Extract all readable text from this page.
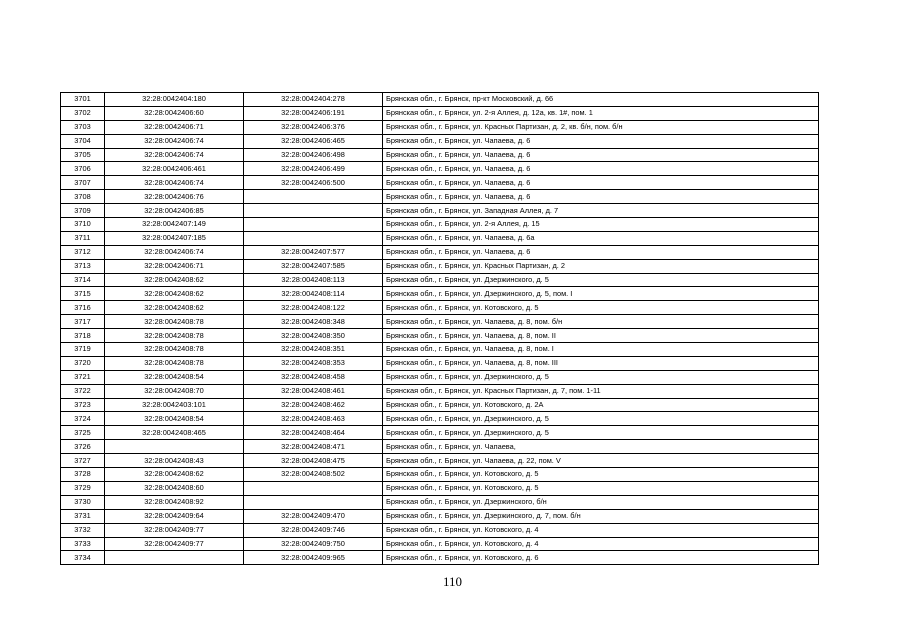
3701	32:28:0042404:180	32:28:0042404:278	Брянская обл., г. Брянск, пр-кт Московский, д. 66
3702	32:28:0042406:60	32:28:0042406:191	Брянская обл., г. Брянск, ул. 2-я Аллея, д. 12а, кв. 1#, пом. 1
3703	32:28:0042406:71	32:28:0042406:376	Брянская обл., г. Брянск, ул. Красных Партизан, д. 2, кв. б/н, пом. б/н
3704	32:28:0042406:74	32:28:0042406:465	Брянская обл., г. Брянск, ул. Чапаева, д. 6
3705	32:28:0042406:74	32:28:0042406:498	Брянская обл., г. Брянск, ул. Чапаева, д. 6
3706	32:28:0042406:461	32:28:0042406:499	Брянская обл., г. Брянск, ул. Чапаева, д. 6
3707	32:28:0042406:74	32:28:0042406:500	Брянская обл., г. Брянск, ул. Чапаева, д. 6
3708	32:28:0042406:76		Брянская обл., г. Брянск, ул. Чапаева, д. 6
3709	32:28:0042406:85		Брянская обл., г. Брянск, ул. Западная Аллея, д. 7
3710	32:28:0042407:149		Брянская обл., г. Брянск, ул. 2-я Аллея, д. 15
3711	32:28:0042407:185		Брянская обл., г. Брянск, ул. Чапаева, д. 6а
3712	32:28:0042406:74	32:28:0042407:577	Брянская обл., г. Брянск, ул. Чапаева, д. 6
3713	32:28:0042406:71	32:28:0042407:585	Брянская обл., г. Брянск, ул. Красных Партизан, д. 2
3714	32:28:0042408:62	32:28:0042408:113	Брянская обл., г. Брянск, ул. Дзержинского, д. 5
3715	32:28:0042408:62	32:28:0042408:114	Брянская обл., г. Брянск, ул. Дзержинского, д. 5, пом. I
3716	32:28:0042408:62	32:28:0042408:122	Брянская обл., г. Брянск, ул. Котовского, д. 5
3717	32:28:0042408:78	32:28:0042408:348	Брянская обл., г. Брянск, ул. Чапаева, д. 8, пом. б/н
3718	32:28:0042408:78	32:28:0042408:350	Брянская обл., г. Брянск, ул. Чапаева, д. 8, пом. II
3719	32:28:0042408:78	32:28:0042408:351	Брянская обл., г. Брянск, ул. Чапаева, д. 8, пом. I
3720	32:28:0042408:78	32:28:0042408:353	Брянская обл., г. Брянск, ул. Чапаева, д. 8, пом. III
3721	32:28:0042408:54	32:28:0042408:458	Брянская обл., г. Брянск, ул. Дзержинского, д. 5
3722	32:28:0042408:70	32:28:0042408:461	Брянская обл., г. Брянск, ул. Красных Партизан, д. 7, пом. 1-11
3723	32:28:0042403:101	32:28:0042408:462	Брянская обл., г. Брянск, ул. Котовского, д. 2А
3724	32:28:0042408:54	32:28:0042408:463	Брянская обл., г. Брянск, ул. Дзержинского, д. 5
3725	32:28:0042408:465	32:28:0042408:464	Брянская обл., г. Брянск, ул. Дзержинского, д. 5
3726		32:28:0042408:471	Брянская обл., г. Брянск, ул. Чапаева,
3727	32:28:0042408:43	32:28:0042408:475	Брянская обл., г. Брянск, ул. Чапаева, д. 22, пом. V
3728	32:28:0042408:62	32:28:0042408:502	Брянская обл., г. Брянск, ул. Котовского, д. 5
3729	32:28:0042408:60		Брянская обл., г. Брянск, ул. Котовского, д. 5
3730	32:28:0042408:92		Брянская обл., г. Брянск, ул. Дзержинского, б/н
3731	32:28:0042409:64	32:28:0042409:470	Брянская обл., г. Брянск, ул. Дзержинского, д. 7, пом. б/н
3732	32:28:0042409:77	32:28:0042409:746	Брянская обл., г. Брянск, ул. Котовского, д. 4
3733	32:28:0042409:77	32:28:0042409:750	Брянская обл., г. Брянск, ул. Котовского, д. 4
3734		32:28:0042409:965	Брянская обл., г. Брянск, ул. Котовского, д. 6
110
